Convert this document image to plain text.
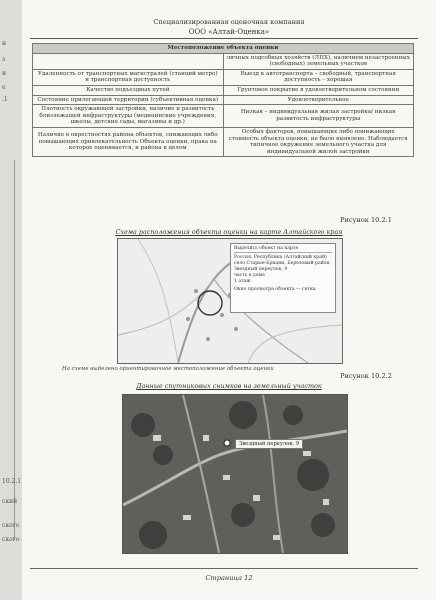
н
з
и
е
.1
10.2.1
ский
ского
ского
Специализированная оценочная компания
ООО «Алтай-Оценка»
Местоположение объекта оценки	
	личных подсобных хозяйств (ЛПХ), наличием незастроенных (свободных) земельных участков
Удаленность от транспортных магистралей (станций метро) и транспортная доступность	Выезд к автотранспорта – свободный, транспортная доступность – хорошая
Качество подъездных путей	Грунтовое покрытие в удовлетворительном состоянии
Состояние прилегающей территории (субъективная оценка)	Удовлетворительное
Плотность окружающей застройки, наличие и развитость близлежащей инфраструктуры (медицинские учреждения, школы, детские сады, магазины и др.)	Низкая – индивидуальная жилая застройка/ низкая развитость инфраструктуры
Наличие в окрестностях района объектов, снижающих либо повышающих привлекательность Объекта оценки, права на которое оценивается, и района в целом	Особых факторов, повышающих либо понижающих стоимость объекта оценки, не было выявлено. Наблюдается типичное окружение земельного участка для индивидуальной жилой застройки
Рисунок 10.2.1
Схема расположения объекта оценки на карте Алтайского края
Выделить объект на карте
Россия, Республика (Алтайский край)
село Старые-Бриани, Березовый район,
Звездный переулок, 9
часть в доме
1 этаж
Окно просмотра объекта — сетка
На схеме выделено ориентировочное местоположение объекта оценки
Рисунок 10.2.2
Данные спутниковых снимков на земельный участок
Звездный переулок, 9
Страница 12
